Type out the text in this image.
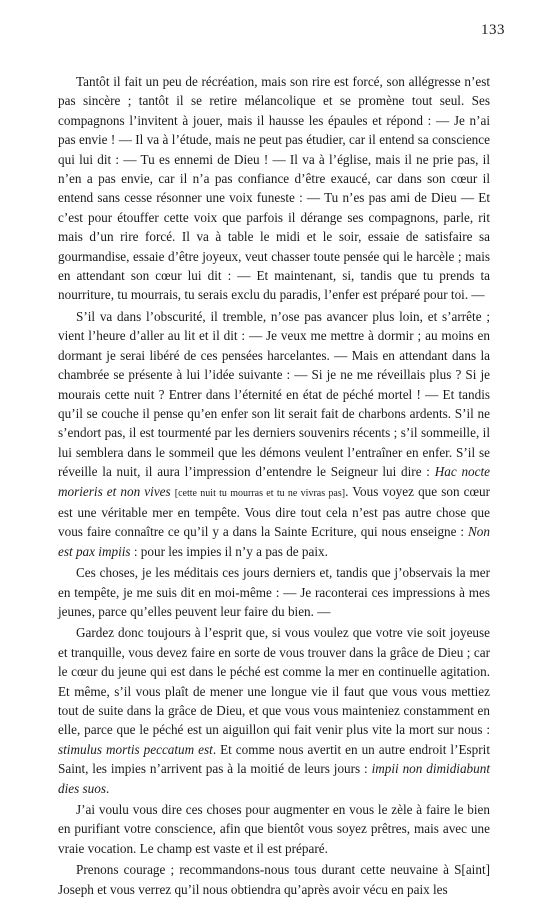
133

Tantôt il fait un peu de récréation, mais son rire est forcé, son allégresse n’est pas sincère ; tantôt il se retire mélancolique et se promène tout seul. Ses compagnons l’invitent à jouer, mais il hausse les épaules et répond : — Je n’ai pas envie ! — Il va à l’étude, mais ne peut pas étudier, car il entend sa conscience qui lui dit : — Tu es ennemi de Dieu ! — Il va à l’église, mais il ne prie pas, il n’en a pas envie, car il n’a pas confiance d’être exaucé, car dans son cœur il entend sans cesse résonner une voix funeste : — Tu n’es pas ami de Dieu — Et c’est pour étouffer cette voix que parfois il dérange ses compagnons, parle, rit mais d’un rire forcé. Il va à table le midi et le soir, essaie de satisfaire sa gourmandise, essaie d’être joyeux, veut chasser toute pensée qui le harcèle ; mais en attendant son cœur lui dit : — Et maintenant, si, tandis que tu prends ta nourriture, tu mourrais, tu serais exclu du paradis, l’enfer est préparé pour toi. —

S’il va dans l’obscurité, il tremble, n’ose pas avancer plus loin, et s’arrête ; vient l’heure d’aller au lit et il dit : — Je veux me mettre à dormir ; au moins en dormant je serai libéré de ces pensées harcelantes. — Mais en attendant dans la chambrée se présente à lui l’idée suivante : — Si je ne me réveillais plus ? Si je mourais cette nuit ? Entrer dans l’éternité en état de péché mortel ! — Et tandis qu’il se couche il pense qu’en enfer son lit serait fait de charbons ardents. S’il ne s’endort pas, il est tourmenté par les derniers souvenirs récents ; s’il sommeille, il lui semblera dans le sommeil que les démons veulent l’entraîner en enfer. S’il se réveille la nuit, il aura l’impression d’entendre le Seigneur lui dire : Hac nocte morieris et non vives [cette nuit tu mourras et tu ne vivras pas]. Vous voyez que son cœur est une véritable mer en tempête. Vous dire tout cela n’est pas autre chose que vous faire connaître ce qu’il y a dans la Sainte Ecriture, qui nous enseigne : Non est pax impiis : pour les impies il n’y a pas de paix.

Ces choses, je les méditais ces jours derniers et, tandis que j’observais la mer en tempête, je me suis dit en moi-même : — Je raconterai ces impressions à mes jeunes, parce qu’elles peuvent leur faire du bien. —

Gardez donc toujours à l’esprit que, si vous voulez que votre vie soit joyeuse et tranquille, vous devez faire en sorte de vous trouver dans la grâce de Dieu ; car le cœur du jeune qui est dans le péché est comme la mer en continuelle agitation. Et même, s’il vous plaît de mener une longue vie il faut que vous vous mettiez tout de suite dans la grâce de Dieu, et que vous vous mainteniez constamment en elle, parce que le péché est un aiguillon qui fait venir plus vite la mort sur nous : stimulus mortis peccatum est. Et comme nous avertit en un autre endroit l’Esprit Saint, les impies n’arrivent pas à la moitié de leurs jours : impii non dimidiabunt dies suos.

J’ai voulu vous dire ces choses pour augmenter en vous le zèle à faire le bien en purifiant votre conscience, afin que bientôt vous soyez prêtres, mais avec une vraie vocation. Le champ est vaste et il est préparé.

Prenons courage ; recommandons-nous tous durant cette neuvaine à S[aint] Joseph et vous verrez qu’il nous obtiendra qu’après avoir vécu en paix les
